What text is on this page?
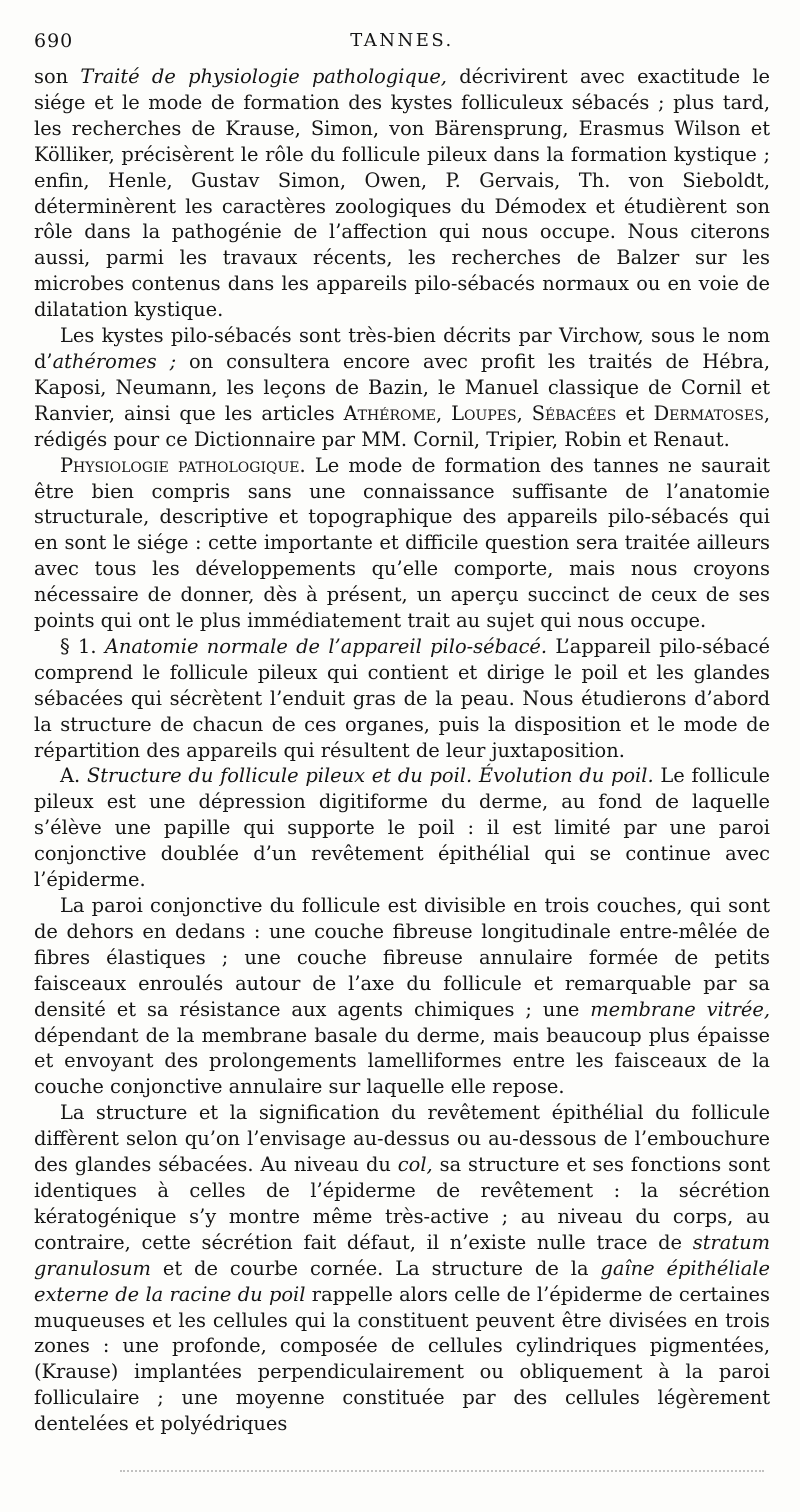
690	TANNES.

son Traité de physiologie pathologique, décrivirent avec exactitude le siége et le mode de formation des kystes folliculeux sébacés ; plus tard, les recherches de Krause, Simon, von Bärensprung, Erasmus Wilson et Kölliker, précisèrent le rôle du follicule pileux dans la formation kystique ; enfin, Henle, Gustav Simon, Owen, P. Gervais, Th. von Sieboldt, déterminèrent les caractères zoologiques du Démodex et étudièrent son rôle dans la pathogénie de l’affection qui nous occupe. Nous citerons aussi, parmi les travaux récents, les recherches de Balzer sur les microbes contenus dans les appareils pilo-sébacés normaux ou en voie de dilatation kystique.

Les kystes pilo-sébacés sont très-bien décrits par Virchow, sous le nom d’athéromes ; on consultera encore avec profit les traités de Hébra, Kaposi, Neumann, les leçons de Bazin, le Manuel classique de Cornil et Ranvier, ainsi que les articles Athérome, Loupes, Sébacées et Dermatoses, rédigés pour ce Dictionnaire par MM. Cornil, Tripier, Robin et Renaut.

Physiologie pathologique. Le mode de formation des tannes ne saurait être bien compris sans une connaissance suffisante de l’anatomie structurale, descriptive et topographique des appareils pilo-sébacés qui en sont le siége : cette importante et difficile question sera traitée ailleurs avec tous les développements qu’elle comporte, mais nous croyons nécessaire de donner, dès à présent, un aperçu succinct de ceux de ses points qui ont le plus immédiatement trait au sujet qui nous occupe.

§ 1. Anatomie normale de l’appareil pilo-sébacé. L’appareil pilo-sébacé comprend le follicule pileux qui contient et dirige le poil et les glandes sébacées qui sécrètent l’enduit gras de la peau. Nous étudierons d’abord la structure de chacun de ces organes, puis la disposition et le mode de répartition des appareils qui résultent de leur juxtaposition.

A. Structure du follicule pileux et du poil. Évolution du poil. Le follicule pileux est une dépression digitiforme du derme, au fond de laquelle s’élève une papille qui supporte le poil : il est limité par une paroi conjonctive doublée d’un revêtement épithélial qui se continue avec l’épiderme.

La paroi conjonctive du follicule est divisible en trois couches, qui sont de dehors en dedans : une couche fibreuse longitudinale entre-mêlée de fibres élastiques ; une couche fibreuse annulaire formée de petits faisceaux enroulés autour de l’axe du follicule et remarquable par sa densité et sa résistance aux agents chimiques ; une membrane vitrée, dépendant de la membrane basale du derme, mais beaucoup plus épaisse et envoyant des prolongements lamelliformes entre les faisceaux de la couche conjonctive annulaire sur laquelle elle repose.

La structure et la signification du revêtement épithélial du follicule diffèrent selon qu’on l’envisage au-dessus ou au-dessous de l’embouchure des glandes sébacées. Au niveau du col, sa structure et ses fonctions sont identiques à celles de l’épiderme de revêtement : la sécrétion kératogénique s’y montre même très-active ; au niveau du corps, au contraire, cette sécrétion fait défaut, il n’existe nulle trace de stratum granulosum et de courbe cornée. La structure de la gaîne épithéliale externe de la racine du poil rappelle alors celle de l’épiderme de certaines muqueuses et les cellules qui la constituent peuvent être divisées en trois zones : une profonde, composée de cellules cylindriques pigmentées, (Krause) implantées perpendiculairement ou obliquement à la paroi folliculaire ; une moyenne constituée par des cellules légèrement dentelées et polyédriques
